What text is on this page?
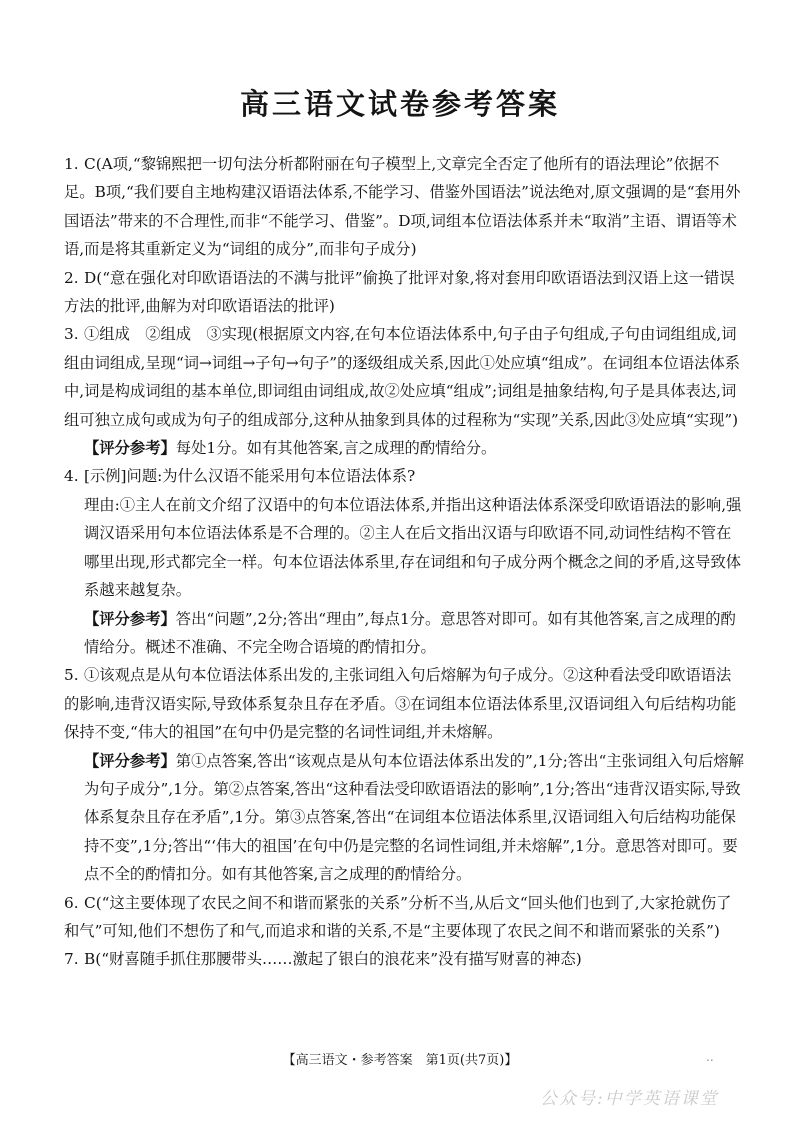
高三语文试卷参考答案
1. C(A项,“黎锦熙把一切句法分析都附丽在句子模型上,文章完全否定了他所有的语法理论”依据不足。B项,“我们要自主地构建汉语语法体系,不能学习、借鉴外国语法”说法绝对,原文强调的是“套用外国语法”带来的不合理性,而非“不能学习、借鉴”。D项,词组本位语法体系并未“取消”主语、谓语等术语,而是将其重新定义为“词组的成分”,而非句子成分)
2. D(“意在强化对印欧语语法的不满与批评”偷换了批评对象,将对套用印欧语语法到汉语上这一错误方法的批评,曲解为对印欧语语法的批评)
3. ①组成　②组成　③实现(根据原文内容,在句本位语法体系中,句子由子句组成,子句由词组组成,词组由词组成,呈现“词→词组→子句→句子”的逐级组成关系,因此①处应填“组成”。在词组本位语法体系中,词是构成词组的基本单位,即词组由词组成,故②处应填“组成”;词组是抽象结构,句子是具体表达,词组可独立成句或成为句子的组成部分,这种从抽象到具体的过程称为“实现”关系,因此③处应填“实现”)
【评分参考】每处1分。如有其他答案,言之成理的酌情给分。
4. [示例]问题:为什么汉语不能采用句本位语法体系?
理由:①主人在前文介绍了汉语中的句本位语法体系,并指出这种语法体系深受印欧语语法的影响,强调汉语采用句本位语法体系是不合理的。②主人在后文指出汉语与印欧语不同,动词性结构不管在哪里出现,形式都完全一样。句本位语法体系里,存在词组和句子成分两个概念之间的矛盾,这导致体系越来越复杂。
【评分参考】答出“问题”,2分;答出“理由”,每点1分。意思答对即可。如有其他答案,言之成理的酌情给分。概述不准确、不完全吻合语境的酌情扣分。
5. ①该观点是从句本位语法体系出发的,主张词组入句后熔解为句子成分。②这种看法受印欧语语法的影响,违背汉语实际,导致体系复杂且存在矛盾。③在词组本位语法体系里,汉语词组入句后结构功能保持不变,“伟大的祖国”在句中仍是完整的名词性词组,并未熔解。
【评分参考】第①点答案,答出“该观点是从句本位语法体系出发的”,1分;答出“主张词组入句后熔解为句子成分”,1分。第②点答案,答出“这种看法受印欧语语法的影响”,1分;答出“违背汉语实际,导致体系复杂且存在矛盾”,1分。第③点答案,答出“在词组本位语法体系里,汉语词组入句后结构功能保持不变”,1分;答出“‘伟大的祖国’在句中仍是完整的名词性词组,并未熔解”,1分。意思答对即可。要点不全的酌情扣分。如有其他答案,言之成理的酌情给分。
6. C(“这主要体现了农民之间不和谐而紧张的关系”分析不当,从后文“回头他们也到了,大家抢就伤了和气”可知,他们不想伤了和气,而追求和谐的关系,不是“主要体现了农民之间不和谐而紧张的关系”)
7. B(“财喜随手抓住那腰带头……激起了银白的浪花来”没有描写财喜的神态)
【高三语文・参考答案　第1页(共7页)】	..
公众号:中学英语课堂
